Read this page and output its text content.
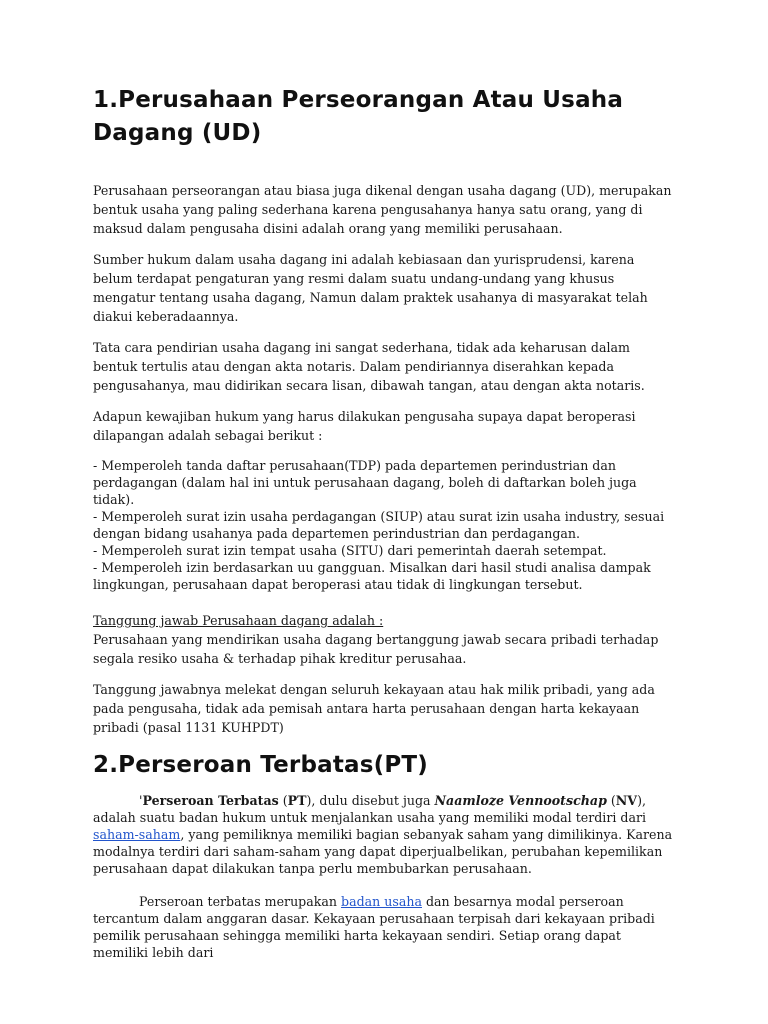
1.Perusahaan Perseorangan Atau Usaha Dagang (UD)

Perusahaan perseorangan atau biasa juga dikenal dengan usaha dagang (UD), merupakan bentuk usaha yang paling sederhana karena pengusahanya hanya satu orang, yang di maksud dalam pengusaha disini adalah orang yang memiliki perusahaan.

Sumber hukum dalam usaha dagang ini adalah kebiasaan dan yurisprudensi, karena belum terdapat pengaturan yang resmi dalam suatu undang-undang yang khusus mengatur tentang usaha dagang, Namun dalam praktek usahanya di masyarakat telah diakui keberadaannya.

Tata cara pendirian usaha dagang ini sangat sederhana, tidak ada keharusan dalam bentuk tertulis atau dengan akta notaris. Dalam pendiriannya diserahkan kepada pengusahanya, mau didirikan secara lisan, dibawah tangan, atau dengan akta notaris.

Adapun kewajiban hukum yang harus dilakukan pengusaha supaya dapat beroperasi dilapangan adalah sebagai berikut :

- Memperoleh tanda daftar perusahaan(TDP) pada departemen perindustrian dan perdagangan (dalam hal ini untuk perusahaan dagang, boleh di daftarkan boleh juga tidak).
- Memperoleh surat izin usaha perdagangan (SIUP) atau surat izin usaha industry, sesuai dengan bidang usahanya pada departemen perindustrian dan perdagangan.
- Memperoleh surat izin tempat usaha (SITU) dari pemerintah daerah setempat.
- Memperoleh izin berdasarkan uu gangguan. Misalkan dari hasil studi analisa dampak lingkungan, perusahaan dapat beroperasi atau tidak di lingkungan tersebut.
Tanggung jawab Perusahaan dagang adalah :
Perusahaan yang mendirikan usaha dagang bertanggung jawab secara pribadi terhadap segala resiko usaha & terhadap pihak kreditur perusahaa.

Tanggung jawabnya melekat dengan seluruh kekayaan atau hak milik pribadi, yang ada pada pengusaha, tidak ada pemisah antara harta perusahaan dengan harta kekayaan pribadi (pasal 1131 KUHPDT)

2.Perseroan Terbatas(PT)

'Perseroan Terbatas (PT), dulu disebut juga Naamloze Vennootschap (NV), adalah suatu badan hukum untuk menjalankan usaha yang memiliki modal terdiri dari saham-saham, yang pemiliknya memiliki bagian sebanyak saham yang dimilikinya. Karena modalnya terdiri dari saham-saham yang dapat diperjualbelikan, perubahan kepemilikan perusahaan dapat dilakukan tanpa perlu membubarkan perusahaan.

Perseroan terbatas merupakan badan usaha dan besarnya modal perseroan tercantum dalam anggaran dasar. Kekayaan perusahaan terpisah dari kekayaan pribadi pemilik perusahaan sehingga memiliki harta kekayaan sendiri. Setiap orang dapat memiliki lebih dari
